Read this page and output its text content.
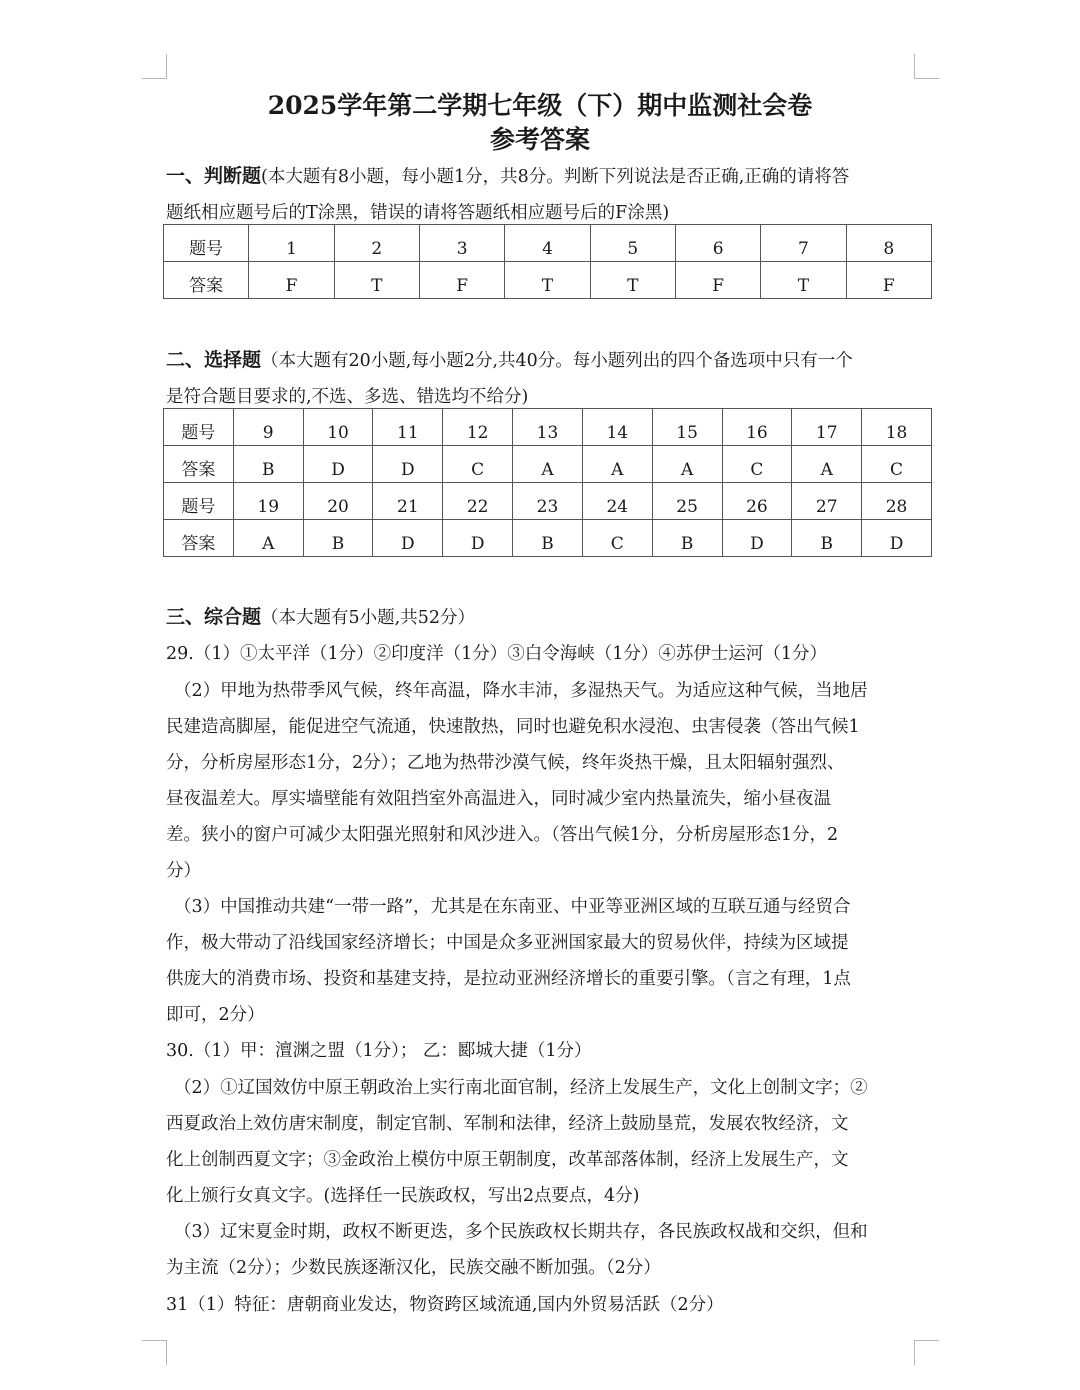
2025学年第二学期七年级（下）期中监测社会卷
参考答案

一、判断题(本大题有8小题，每小题1分，共8分。判断下列说法是否正确,正确的请将答

题纸相应题号后的T涂黑，错误的请将答题纸相应题号后的F涂黑)

题号	1	2	3	4	5	6	7	8
答案	F	T	F	T	T	F	T	F

二、选择题（本大题有20小题,每小题2分,共40分。每小题列出的四个备选项中只有一个

是符合题目要求的,不选、多选、错选均不给分)

题号	9	10	11	12	13	14	15	16	17	18
答案	B	D	D	C	A	A	A	C	A	C
题号	19	20	21	22	23	24	25	26	27	28
答案	A	B	D	D	B	C	B	D	B	D

三、综合题（本大题有5小题,共52分）

29.（1）①太平洋（1分）②印度洋（1分）③白令海峡（1分）④苏伊士运河（1分）

（2）甲地为热带季风气候，终年高温，降水丰沛，多湿热天气。为适应这种气候，当地居

民建造高脚屋，能促进空气流通，快速散热，同时也避免积水浸泡、虫害侵袭（答出气候1

分，分析房屋形态1分，2分）；乙地为热带沙漠气候，终年炎热干燥，且太阳辐射强烈、

昼夜温差大。厚实墙壁能有效阻挡室外高温进入，同时减少室内热量流失，缩小昼夜温

差。狭小的窗户可减少太阳强光照射和风沙进入。（答出气候1分，分析房屋形态1分，2

分）

（3）中国推动共建“一带一路”，尤其是在东南亚、中亚等亚洲区域的互联互通与经贸合

作，极大带动了沿线国家经济增长；中国是众多亚洲国家最大的贸易伙伴，持续为区域提

供庞大的消费市场、投资和基建支持，是拉动亚洲经济增长的重要引擎。（言之有理，1点

即可，2分）

30.（1）甲：澶渊之盟（1分）； 乙：郾城大捷（1分）

（2）①辽国效仿中原王朝政治上实行南北面官制，经济上发展生产，文化上创制文字；②

西夏政治上效仿唐宋制度，制定官制、军制和法律，经济上鼓励垦荒，发展农牧经济，文

化上创制西夏文字；③金政治上模仿中原王朝制度，改革部落体制，经济上发展生产，文

化上颁行女真文字。(选择任一民族政权，写出2点要点，4分)

（3）辽宋夏金时期，政权不断更迭，多个民族政权长期共存，各民族政权战和交织，但和

为主流（2分）；少数民族逐渐汉化，民族交融不断加强。（2分）

31（1）特征：唐朝商业发达，物资跨区域流通,国内外贸易活跃（2分）
